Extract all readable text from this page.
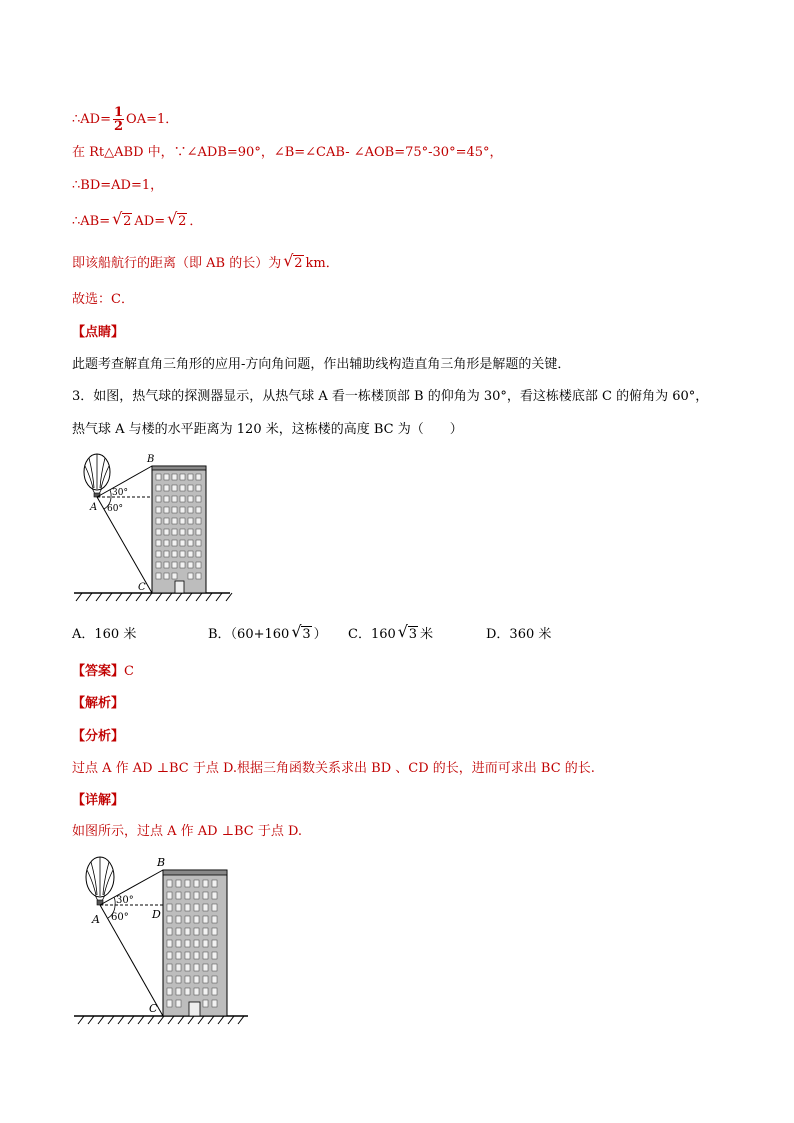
∴AD= $\frac{1}{2} OA=1$．
在 Rt△ABD 中，∵∠ADB=90°，∠B=∠CAB- ∠AOB=75°-30°=45°，
∴BD=AD=1，
∴AB= √ 2 AD= √ 2 ．
即该船航行的距离（即 AB 的长）为 √ 2 km．
故选：C．
【点睛】
此题考查解直角三角形的应用-方向角问题，作出辅助线构造直角三角形是解题的关键．
3．如图，热气球的探测器显示，从热气球 A 看一栋楼顶部 B 的仰角为 30°，看这栋楼底部 C 的俯角为 60°，
热气球 A 与楼的水平距离为 120 米，这栋楼的高度 BC 为（　　）
B
A
C
30°
60°
A．160 米	B．（60+160 √ 3 ） C．160 √ 3 米	D．360 米
【答案】C
【解析】
【分析】
过点 A 作 AD ⊥BC 于点 D.根据三角函数关系求出 BD 、CD 的长，进而可求出 BC 的长.
【详解】
如图所示，过点 A 作 AD ⊥BC 于点 D.
B
A
C
D
30°
60°
